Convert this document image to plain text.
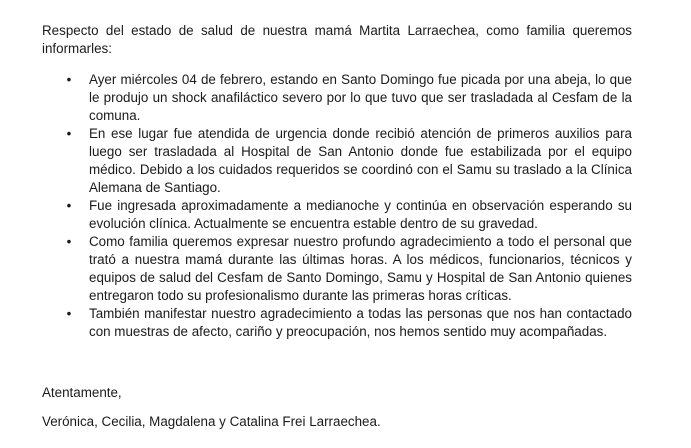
Respecto del estado de salud de nuestra mamá Martita Larraechea, como familia queremos informarles:

• Ayer miércoles 04 de febrero, estando en Santo Domingo fue picada por una abeja, lo que le produjo un shock anafiláctico severo por lo que tuvo que ser trasladada al Cesfam de la comuna.
• En ese lugar fue atendida de urgencia donde recibió atención de primeros auxilios para luego ser trasladada al Hospital de San Antonio donde fue estabilizada por el equipo médico. Debido a los cuidados requeridos se coordinó con el Samu su traslado a la Clínica Alemana de Santiago.
• Fue ingresada aproximadamente a medianoche y continúa en observación esperando su evolución clínica. Actualmente se encuentra estable dentro de su gravedad.
• Como familia queremos expresar nuestro profundo agradecimiento a todo el personal que trató a nuestra mamá durante las últimas horas. A los médicos, funcionarios, técnicos y equipos de salud del Cesfam de Santo Domingo, Samu y Hospital de San Antonio quienes entregaron todo su profesionalismo durante las primeras horas críticas.
• También manifestar nuestro agradecimiento a todas las personas que nos han contactado con muestras de afecto, cariño y preocupación, nos hemos sentido muy acompañadas.

Atentamente,

Verónica, Cecilia, Magdalena y Catalina Frei Larraechea.
